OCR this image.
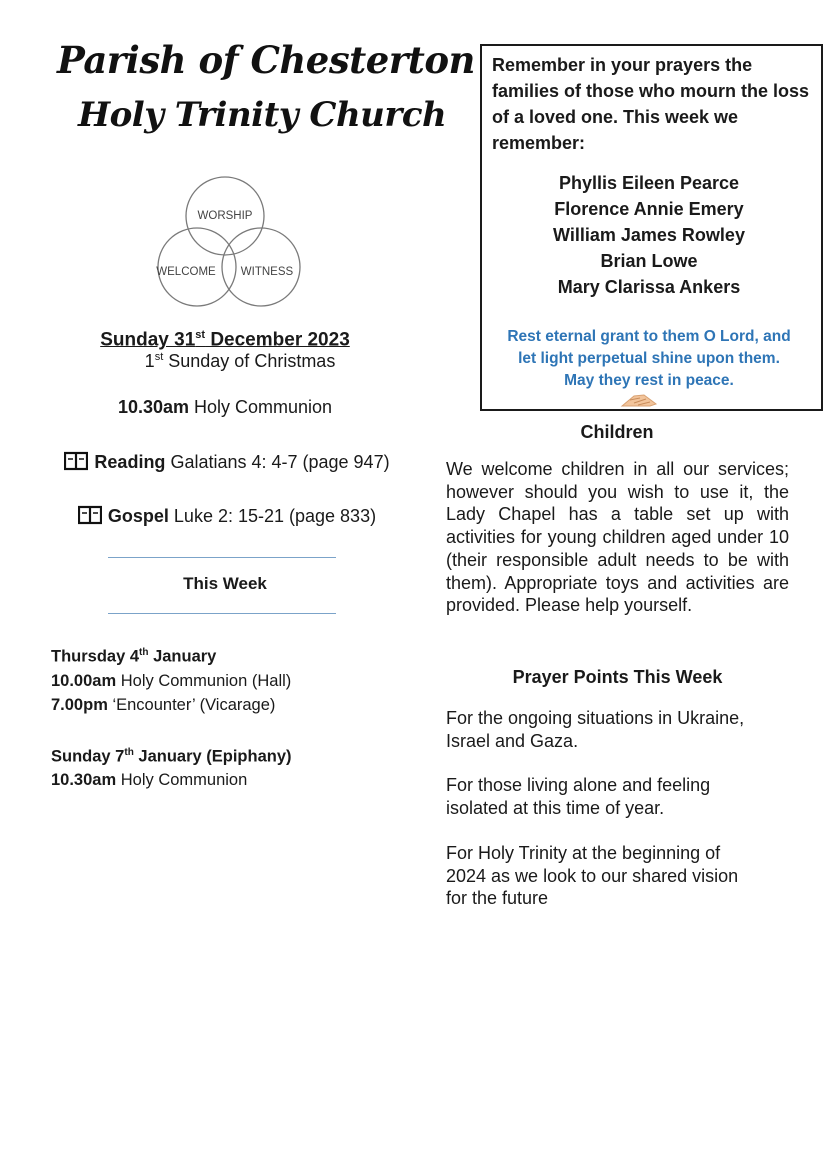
Parish of Chesterton
Holy Trinity Church
WORSHIP
WELCOME WITNESS
Sunday 31st December 2023
1st Sunday of Christmas
10.30am Holy Communion
Reading Galatians 4: 4-7 (page 947)
Gospel Luke 2: 15-21 (page 833)
This Week
Thursday 4th January
10.00am Holy Communion (Hall)
7.00pm ‘Encounter’ (Vicarage)
Sunday 7th January (Epiphany)
10.30am Holy Communion
Remember in your prayers the families of those who mourn the loss of a loved one. This week we remember:
Phyllis Eileen Pearce
Florence Annie Emery
William James Rowley
Brian Lowe
Mary Clarissa Ankers
Rest eternal grant to them O Lord, and
let light perpetual shine upon them.
May they rest in peace.
Children
We welcome children in all our services; however should you wish to use it, the Lady Chapel has a table set up with activities for young children aged under 10 (their responsible adult needs to be with them). Appropriate toys and activities are provided. Please help yourself.
Prayer Points This Week
For the ongoing situations in Ukraine,
Israel and Gaza.
For those living alone and feeling
isolated at this time of year.
For Holy Trinity at the beginning of
2024 as we look to our shared vision
for the future
